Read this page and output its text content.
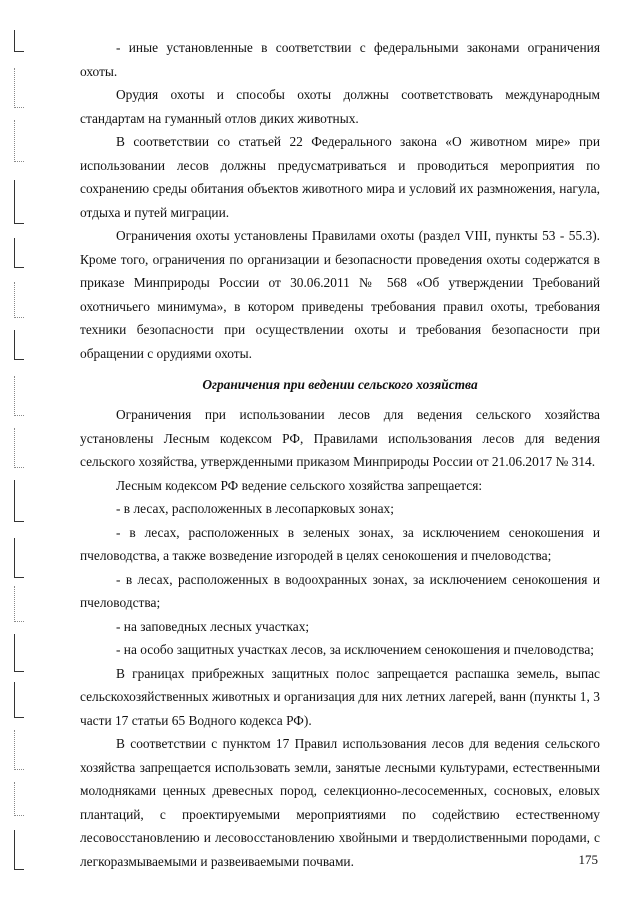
- иные установленные в соответствии с федеральными законами ограничения охоты.

Орудия охоты и способы охоты должны соответствовать международным стандартам на гуманный отлов диких животных.

В соответствии со статьей 22 Федерального закона «О животном мире» при использовании лесов должны предусматриваться и проводиться мероприятия по сохранению среды обитания объектов животного мира и условий их размножения, нагула, отдыха и путей миграции.

Ограничения охоты установлены Правилами охоты (раздел VIII, пункты 53 - 55.3). Кроме того, ограничения по организации и безопасности проведения охоты содержатся в приказе Минприроды России от 30.06.2011 № 568 «Об утверждении Требований охотничьего минимума», в котором приведены требования правил охоты, требования техники безопасности при осуществлении охоты и требования безопасности при обращении с орудиями охоты.

Ограничения при ведении сельского хозяйства

Ограничения при использовании лесов для ведения сельского хозяйства установлены Лесным кодексом РФ, Правилами использования лесов для ведения сельского хозяйства, утвержденными приказом Минприроды России от 21.06.2017 № 314.

Лесным кодексом РФ ведение сельского хозяйства запрещается:

- в лесах, расположенных в лесопарковых зонах;

- в лесах, расположенных в зеленых зонах, за исключением сенокошения и пчеловодства, а также возведение изгородей в целях сенокошения и пчеловодства;

- в лесах, расположенных в водоохранных зонах, за исключением сенокошения и пчеловодства;

- на заповедных лесных участках;

- на особо защитных участках лесов, за исключением сенокошения и пчеловодства;

В границах прибрежных защитных полос запрещается распашка земель, выпас сельскохозяйственных животных и организация для них летних лагерей, ванн (пункты 1, 3 части 17 статьи 65 Водного кодекса РФ).

В соответствии с пунктом 17 Правил использования лесов для ведения сельского хозяйства запрещается использовать земли, занятые лесными культурами, естественными молодняками ценных древесных пород, селекционно-лесосеменных, сосновых, еловых плантаций, с проектируемыми мероприятиями по содействию естественному лесовосстановлению и лесовосстановлению хвойными и твердолиственными породами, с легкоразмываемыми и развеиваемыми почвами.	175
